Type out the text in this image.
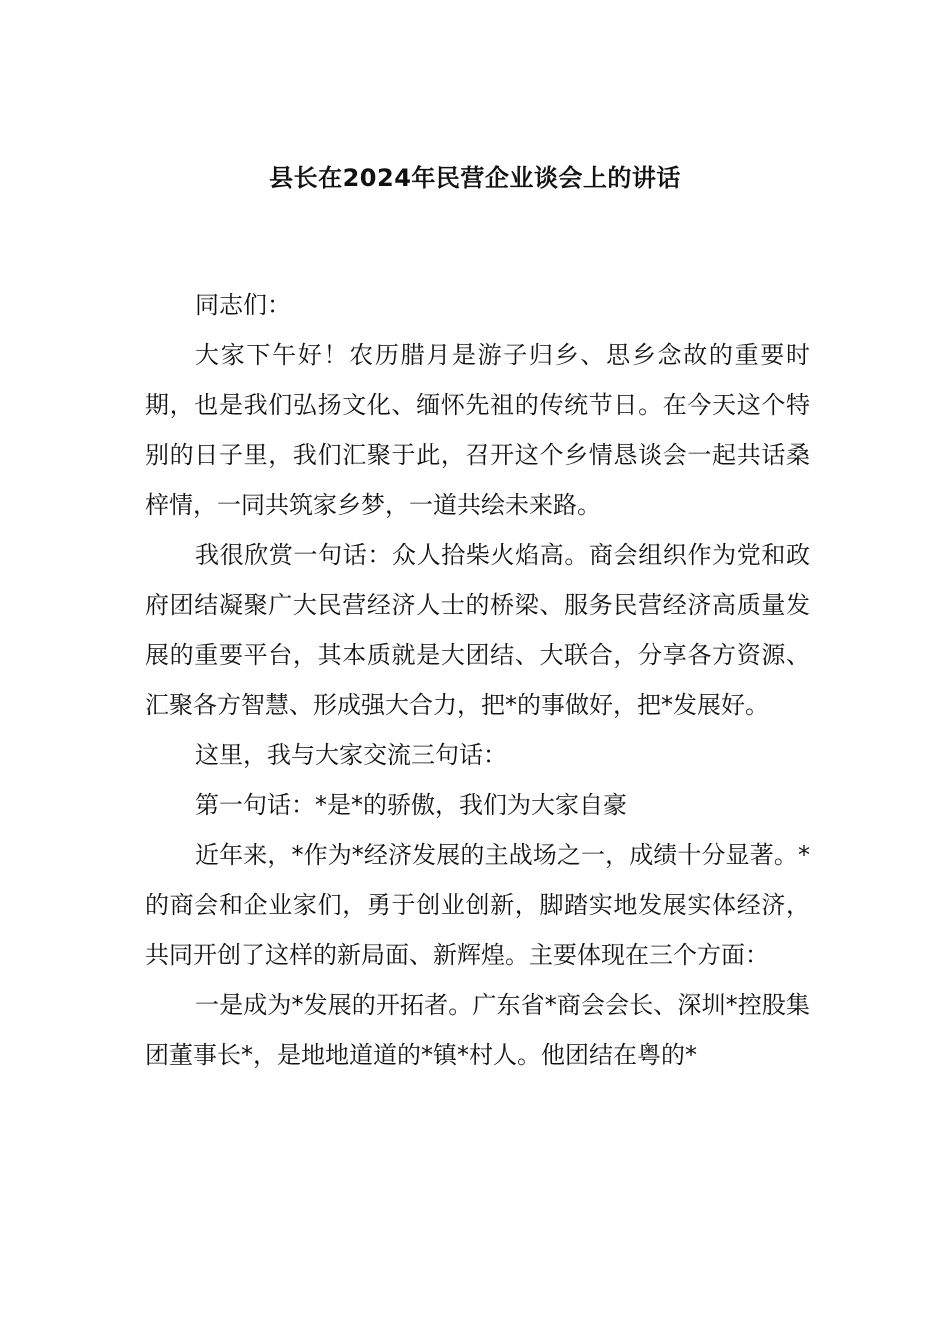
县长在2024年民营企业谈会上的讲话

同志们：

大家下午好！农历腊月是游子归乡、思乡念故的重要时期，也是我们弘扬文化、缅怀先祖的传统节日。在今天这个特别的日子里，我们汇聚于此，召开这个乡情恳谈会一起共话桑梓情，一同共筑家乡梦，一道共绘未来路。

我很欣赏一句话：众人拾柴火焰高。商会组织作为党和政府团结凝聚广大民营经济人士的桥梁、服务民营经济高质量发展的重要平台，其本质就是大团结、大联合，分享各方资源、汇聚各方智慧、形成强大合力，把*的事做好，把*发展好。

这里，我与大家交流三句话：

第一句话：*是*的骄傲，我们为大家自豪

近年来，*作为*经济发展的主战场之一，成绩十分显著。*的商会和企业家们，勇于创业创新，脚踏实地发展实体经济，共同开创了这样的新局面、新辉煌。主要体现在三个方面：

一是成为*发展的开拓者。广东省*商会会长、深圳*控股集团董事长*，是地地道道的*镇*村人。他团结在粤的*
